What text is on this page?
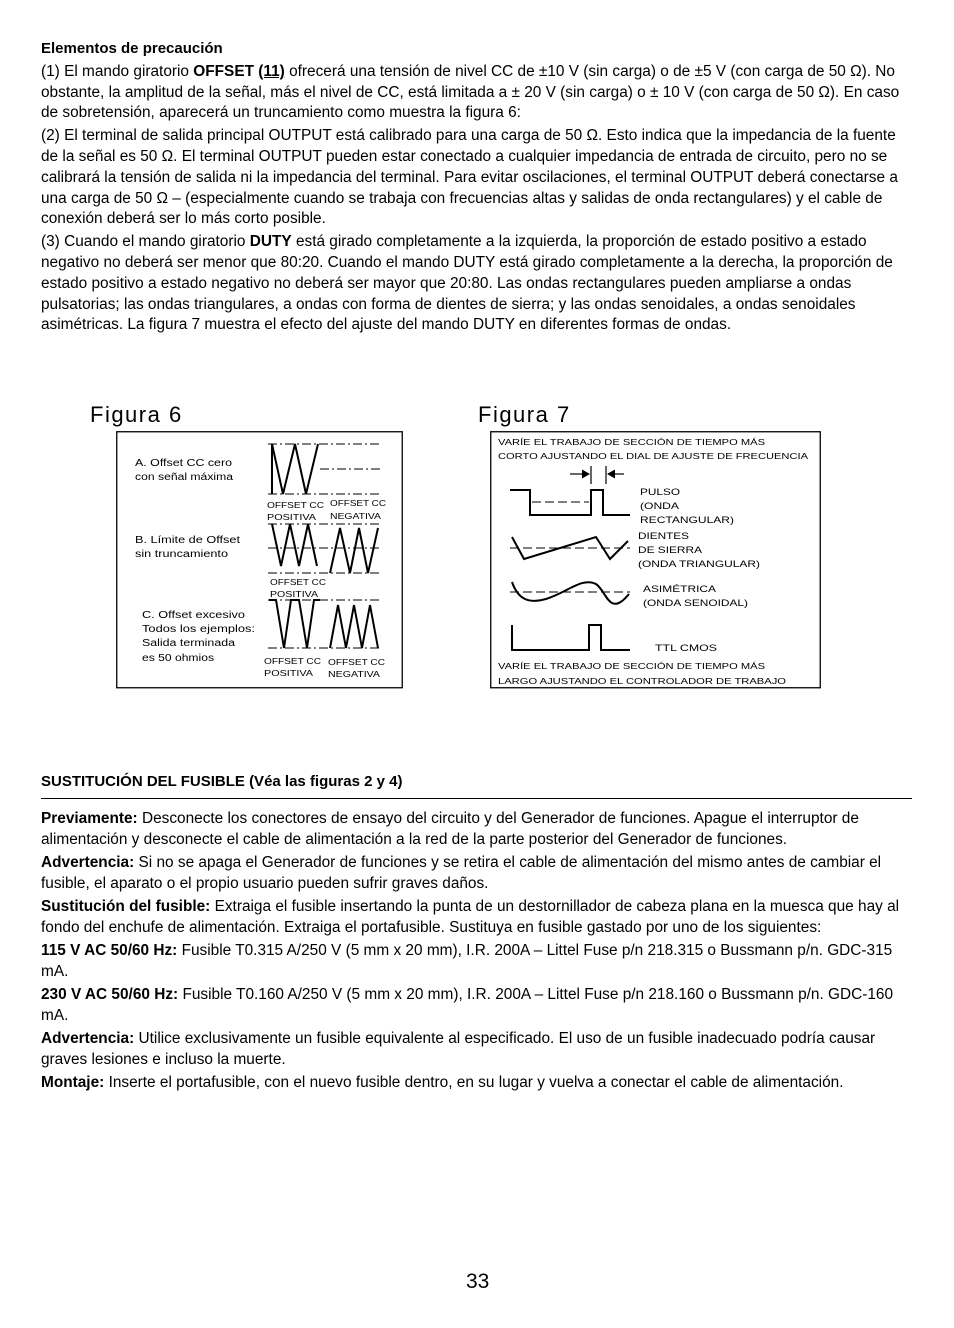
Elementos de precaución

(1) El mando giratorio OFFSET (11) ofrecerá una tensión de nivel CC de ±10 V (sin carga) o de ±5 V (con carga de 50 Ω). No obstante, la amplitud de la señal, más el nivel de CC, está limitada a ± 20 V (sin carga) o ± 10 V (con carga de 50 Ω). En caso de sobretensión, aparecerá un truncamiento como muestra la figura 6:

(2) El terminal de salida principal OUTPUT está calibrado para una carga de 50 Ω. Esto indica que la impedancia de la fuente de la señal es 50 Ω. El terminal OUTPUT pueden estar conectado a cualquier impedancia de entrada de circuito, pero no se calibrará la tensión de salida ni la impedancia del terminal. Para evitar oscilaciones, el terminal OUTPUT deberá conectarse a una carga de 50 Ω – (especialmente cuando se trabaja con frecuencias altas y salidas de onda rectangulares) y el cable de conexión deberá ser lo más corto posible.

(3) Cuando el mando giratorio DUTY está girado completamente a la izquierda, la proporción de estado positivo a estado negativo no deberá ser menor que 80:20. Cuando el mando DUTY está girado completamente a la derecha, la proporción de estado positivo a estado negativo no deberá ser mayor que 20:80. Las ondas rectangulares pueden ampliarse a ondas pulsatorias; las ondas triangulares, a ondas con forma de dientes de sierra; y las ondas senoidales, a ondas senoidales asimétricas. La figura 7 muestra el efecto del ajuste del mando DUTY en diferentes formas de ondas.

Figura 6	Figura 7
A. Offset CC cero
con señal máxima
OFFSET CC
POSITIVA
OFFSET CC
NEGATIVA
B. Límite de Offset
sin truncamiento
OFFSET CC
POSITIVA
C. Offset excesivo
Todos los ejemplos:
Salida terminada
es 50 ohmios	OFFSET CC
POSITIVA
OFFSET CC
NEGATIVA
VARÍE EL TRABAJO DE SECCIÓN DE TIEMPO MÁS
CORTO AJUSTANDO EL DIAL DE AJUSTE DE FRECUENCIA
PULSO
(ONDA
RECTANGULAR)
DIENTES
DE SIERRA
(ONDA TRIANGULAR)
ASIMÉTRICA
(ONDA SENOIDAL)
TTL CMOS
VARÍE EL TRABAJO DE SECCIÓN DE TIEMPO MÁS
LARGO AJUSTANDO EL CONTROLADOR DE TRABAJO
SUSTITUCIÓN DEL FUSIBLE (Véa las figuras 2 y 4)

Previamente: Desconecte los conectores de ensayo del circuito y del Generador de funciones. Apague el interruptor de alimentación y desconecte el cable de alimentación a la red de la parte posterior del Generador de funciones.

Advertencia: Si no se apaga el Generador de funciones y se retira el cable de alimentación del mismo antes de cambiar el fusible, el aparato o el propio usuario pueden sufrir graves daños.

Sustitución del fusible: Extraiga el fusible insertando la punta de un destornillador de cabeza plana en la muesca que hay al fondo del enchufe de alimentación. Extraiga el portafusible. Sustituya en fusible gastado por uno de los siguientes:

115 V AC 50/60 Hz: Fusible T0.315 A/250 V (5 mm x 20 mm), I.R. 200A – Littel Fuse p/n 218.315 o Bussmann p/n. GDC-315 mA.

230 V AC 50/60 Hz: Fusible T0.160 A/250 V (5 mm x 20 mm), I.R. 200A – Littel Fuse p/n 218.160 o Bussmann p/n. GDC-160 mA.

Advertencia: Utilice exclusivamente un fusible equivalente al especificado. El uso de un fusible inadecuado podría causar graves lesiones e incluso la muerte.

Montaje: Inserte el portafusible, con el nuevo fusible dentro, en su lugar y vuelva a conectar el cable de alimentación.

33
